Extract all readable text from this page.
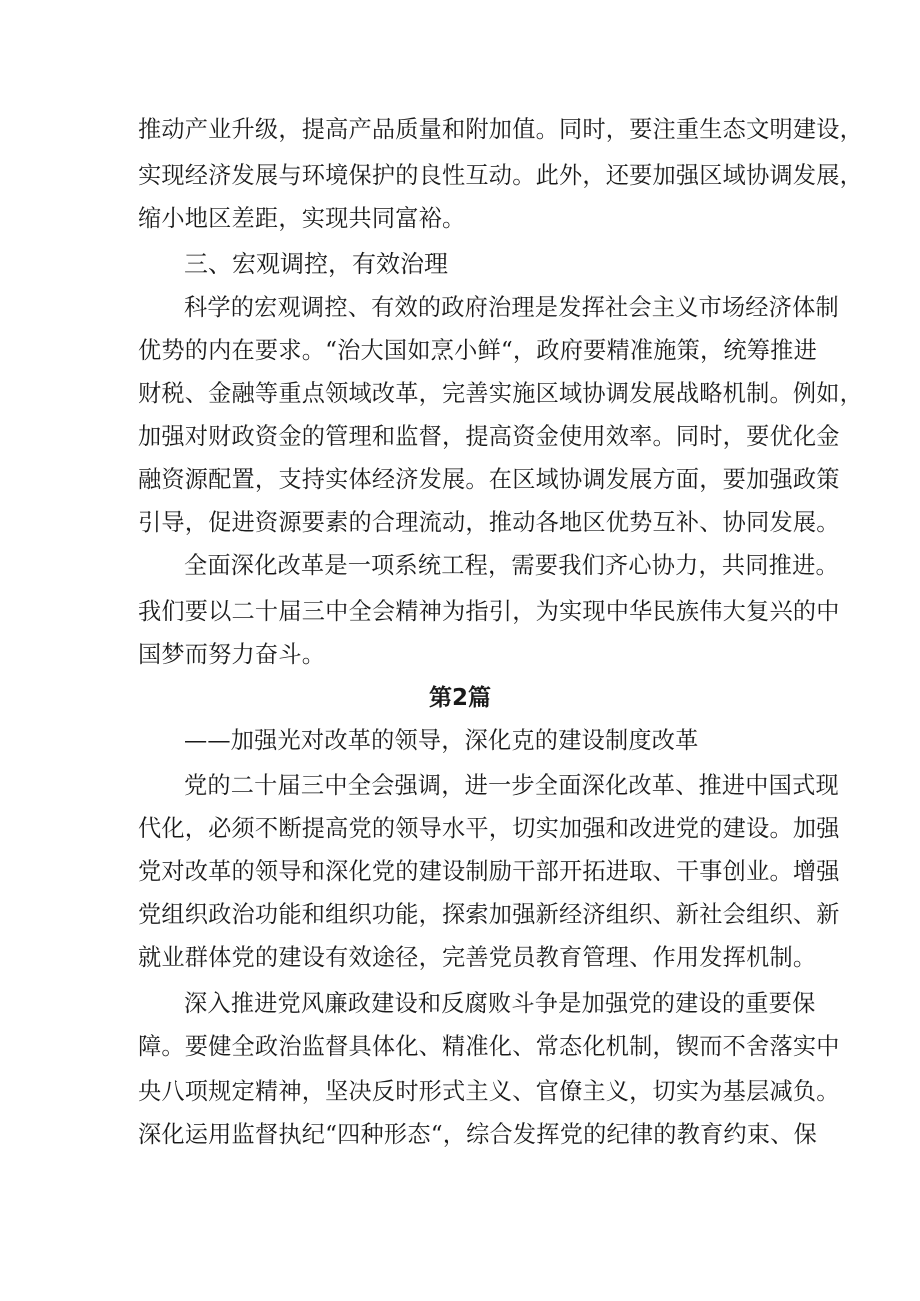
推动产业升级，提高产品质量和附加值。同时，要注重生态文明建设，
实现经济发展与环境保护的良性互动。此外，还要加强区域协调发展，
缩小地区差距，实现共同富裕。
三、宏观调控，有效治理
科学的宏观调控、有效的政府治理是发挥社会主义市场经济体制
优势的内在要求。“治大国如烹小鲜“，政府要精准施策，统筹推进
财税、金融等重点领域改革，完善实施区域协调发展战略机制。例如，
加强对财政资金的管理和监督，提高资金使用效率。同时，要优化金
融资源配置，支持实体经济发展。在区域协调发展方面，要加强政策
引导，促进资源要素的合理流动，推动各地区优势互补、协同发展。
全面深化改革是一项系统工程，需要我们齐心协力，共同推进。
我们要以二十届三中全会精神为指引，为实现中华民族伟大复兴的中
国梦而努力奋斗。
第2篇
——加强光对改革的领导，深化克的建设制度改革
党的二十届三中全会强调，进一步全面深化改革、推进中国式现
代化，必须不断提高党的领导水平，切实加强和改进党的建设。加强
党对改革的领导和深化党的建设制励干部开拓进取、干事创业。增强
党组织政治功能和组织功能，探索加强新经济组织、新社会组织、新
就业群体党的建设有效途径，完善党员教育管理、作用发挥机制。
深入推进党风廉政建设和反腐败斗争是加强党的建设的重要保
障。要健全政治监督具体化、精准化、常态化机制，锲而不舍落实中
央八项规定精神，坚决反时形式主义、官僚主义，切实为基层减负。
深化运用监督执纪“四种形态“，综合发挥党的纪律的教育约束、保
